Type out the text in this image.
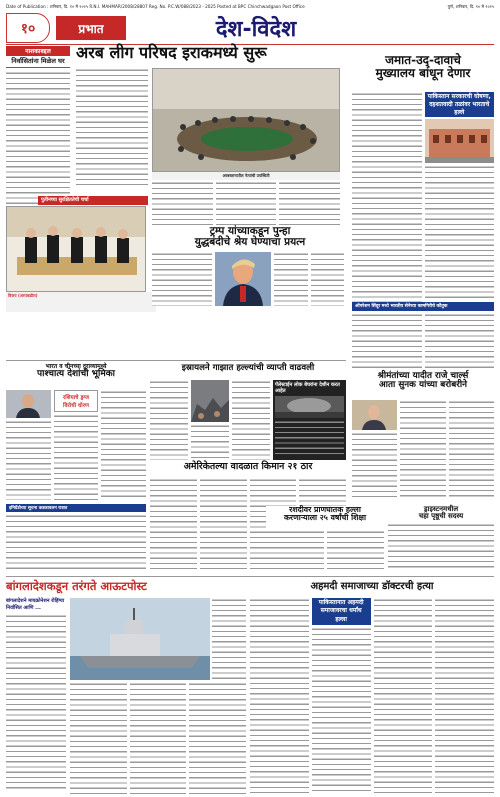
Date of Publication : शनिवार, दि. १० मे २०२५ R.N.I. MAHMAR/2008/28807 Reg. No. P.C.W/088/2023 - 2025 Posted at BPC Chinchwadgaon Post Office	पुणे, शनिवार, दि. १० मे २०२५
१०	प्रभात	देश-विदेश
नाशकाबद्दल
निर्वासितांना मिळेल घर अरब लीग परिषद इराकमध्ये सुरू
अरबस्तानातील नेत्यांची उपस्थिती
पुतीनच्या सुरक्षिततेची चर्चा
विजय (अरपकडील)
ट्रम्प यांच्याकडून पुन्हा
युद्धबंदीचे श्रेय घेण्याचा प्रयत्न
जमात-उद्-दावाचे
मुख्यालय बांधून देणार
पाकिस्तान सरकारची घोषणा, दहशतवादी तळांवर भारताचे हल्ले
ऑपरेशन सिंदूर मध्ये भारतीय सेनेच्या कामगिरीचे कौतुक
भारत व चीनच्या दुराव्यामध्ये
पाश्चात्य देशांची भूमिका
रशियाचे ड्रग्ज विरोधी धोरण
इमिग्रेंडोच्या सूचना कडकावलन रात्रात
इस्रायलने गाझात हल्ल्यांची व्याप्ती वाढवली
पॅलेस्टाईन लोक बेघरांना देशीन करत आहेत
श्रीमंतांच्या यादीत राजे चार्ल्स
आता सुनक यांच्या बरोबरीने
अमेरिकेतल्या वादळात किमान २१ ठार
रशदीवर प्राणघातक हल्ला
करणाऱ्याला २५ वर्षांची शिक्षा
ड्राइस्टनमधील
चहा पृष्ठूची सदस्य
बांगलादेशकडून तरंगते आऊटपोस्ट
बांगलादेशने मायक्रोनेशन रोहिंग्या निर्वासित आणि ...
अहमदी समाजाच्या डॉक्टरची हत्या
पाकिस्तानात अहमदी समाजावरचा धर्मांध हल्ला
